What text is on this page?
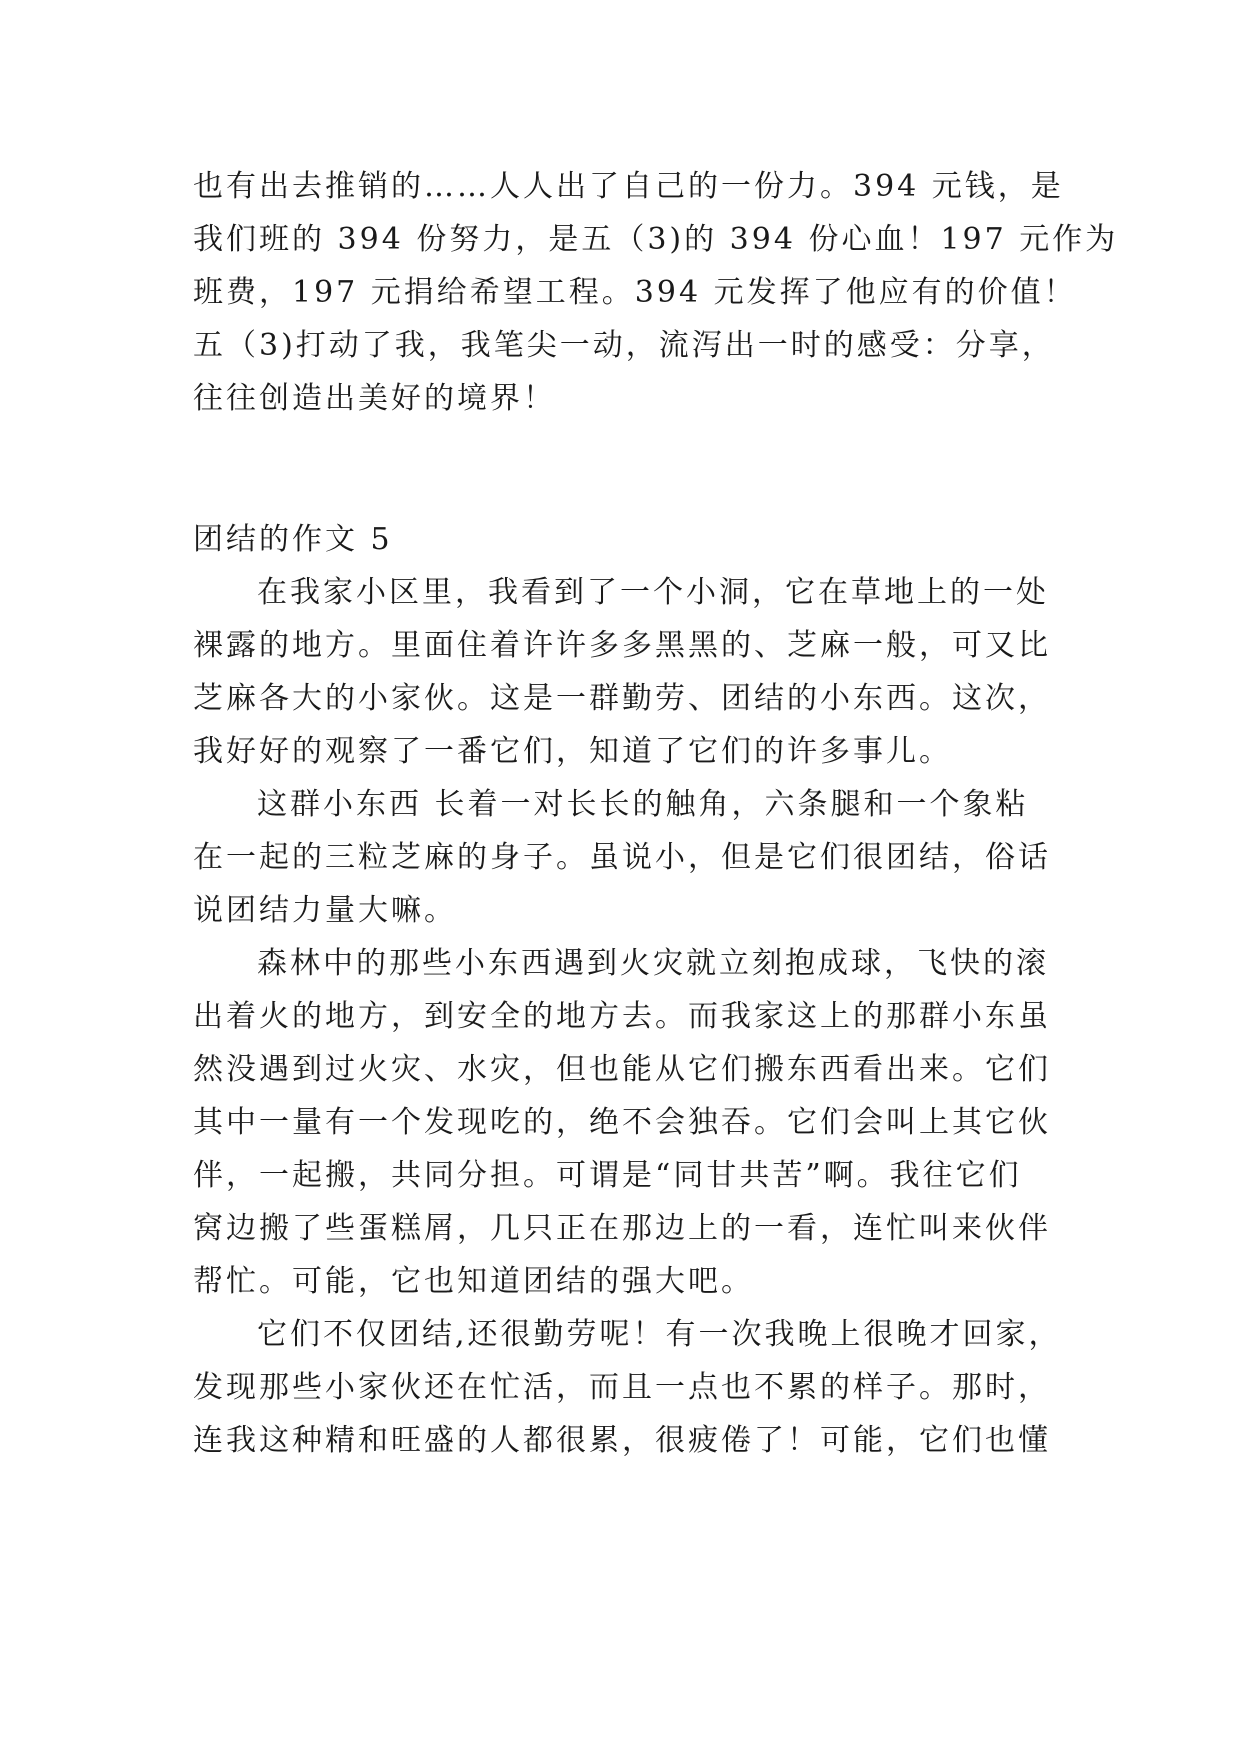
也有出去推销的……人人出了自己的一份力。394 元钱，是
我们班的 394 份努力，是五（3)的 394 份心血！197 元作为
班费，197 元捐给希望工程。394 元发挥了他应有的价值！
五（3)打动了我，我笔尖一动，流泻出一时的感受：分享，
往往创造出美好的境界！
团结的作文 5
在我家小区里，我看到了一个小洞，它在草地上的一处
裸露的地方。里面住着许许多多黑黑的、芝麻一般，可又比
芝麻各大的小家伙。这是一群勤劳、团结的小东西。这次，
我好好的观察了一番它们，知道了它们的许多事儿。
这群小东西 长着一对长长的触角，六条腿和一个象粘
在一起的三粒芝麻的身子。虽说小，但是它们很团结，俗话
说团结力量大嘛。
森林中的那些小东西遇到火灾就立刻抱成球，飞快的滚
出着火的地方，到安全的地方去。而我家这上的那群小东虽
然没遇到过火灾、水灾，但也能从它们搬东西看出来。它们
其中一量有一个发现吃的，绝不会独吞。它们会叫上其它伙
伴，一起搬，共同分担。可谓是“同甘共苦”啊。我往它们
窝边搬了些蛋糕屑，几只正在那边上的一看，连忙叫来伙伴
帮忙。可能，它也知道团结的强大吧。
它们不仅团结,还很勤劳呢！有一次我晚上很晚才回家，
发现那些小家伙还在忙活，而且一点也不累的样子。那时，
连我这种精和旺盛的人都很累，很疲倦了！可能，它们也懂
